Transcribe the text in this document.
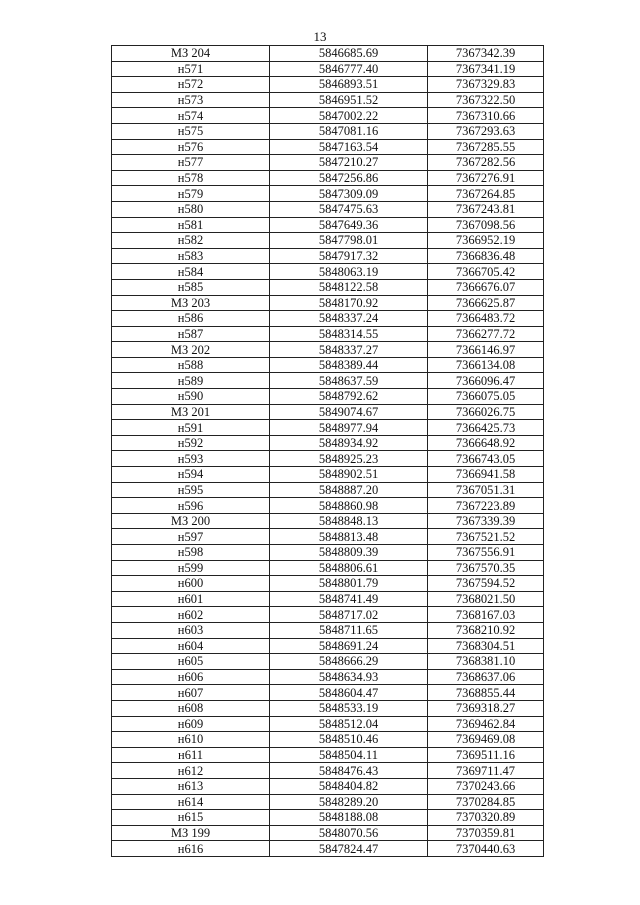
13
МЗ 204	5846685.69	7367342.39
н571	5846777.40	7367341.19
н572	5846893.51	7367329.83
н573	5846951.52	7367322.50
н574	5847002.22	7367310.66
н575	5847081.16	7367293.63
н576	5847163.54	7367285.55
н577	5847210.27	7367282.56
н578	5847256.86	7367276.91
н579	5847309.09	7367264.85
н580	5847475.63	7367243.81
н581	5847649.36	7367098.56
н582	5847798.01	7366952.19
н583	5847917.32	7366836.48
н584	5848063.19	7366705.42
н585	5848122.58	7366676.07
МЗ 203	5848170.92	7366625.87
н586	5848337.24	7366483.72
н587	5848314.55	7366277.72
МЗ 202	5848337.27	7366146.97
н588	5848389.44	7366134.08
н589	5848637.59	7366096.47
н590	5848792.62	7366075.05
МЗ 201	5849074.67	7366026.75
н591	5848977.94	7366425.73
н592	5848934.92	7366648.92
н593	5848925.23	7366743.05
н594	5848902.51	7366941.58
н595	5848887.20	7367051.31
н596	5848860.98	7367223.89
МЗ 200	5848848.13	7367339.39
н597	5848813.48	7367521.52
н598	5848809.39	7367556.91
н599	5848806.61	7367570.35
н600	5848801.79	7367594.52
н601	5848741.49	7368021.50
н602	5848717.02	7368167.03
н603	5848711.65	7368210.92
н604	5848691.24	7368304.51
н605	5848666.29	7368381.10
н606	5848634.93	7368637.06
н607	5848604.47	7368855.44
н608	5848533.19	7369318.27
н609	5848512.04	7369462.84
н610	5848510.46	7369469.08
н611	5848504.11	7369511.16
н612	5848476.43	7369711.47
н613	5848404.82	7370243.66
н614	5848289.20	7370284.85
н615	5848188.08	7370320.89
МЗ 199	5848070.56	7370359.81
н616	5847824.47	7370440.63
